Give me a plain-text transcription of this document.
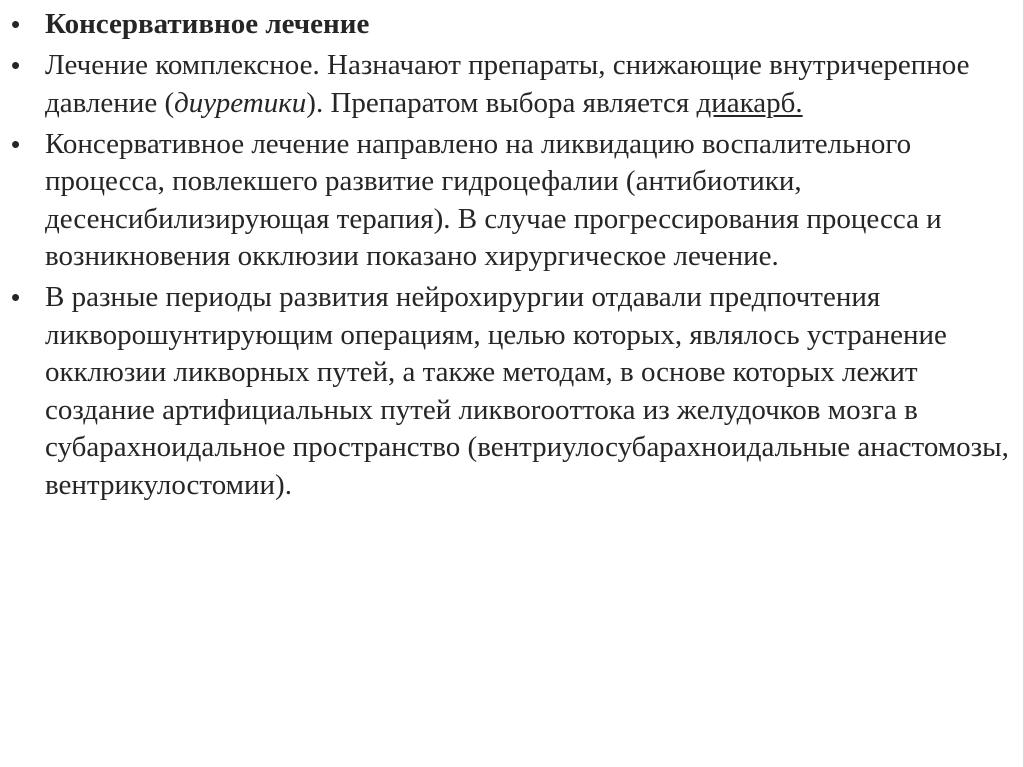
• Консервативное лечение
• Лечение комплексное. Назначают препараты, снижающие внутричерепное давление (диуретики). Препаратом выбора является диакарб.
• Консервативное лечение направлено на ликвидацию воспалительного процесса, повлекшего развитие гидроцефалии (антибиотики, десенсибилизирующая терапия). В случае прогрессирования процесса и возникновения окклюзии показано хирургическое лечение.
• В разные периоды развития нейрохирургии отдавали предпочтения ликворошунтирующим операциям, целью которых, являлось устранение окклюзии ликворных путей, а также методам, в основе которых лежит создание артифициальных путей ликвorooттока из желудочков мозга в субарахноидальное пространство (вентриулосубарахноидальные анастомозы, вентрикулостомии).
